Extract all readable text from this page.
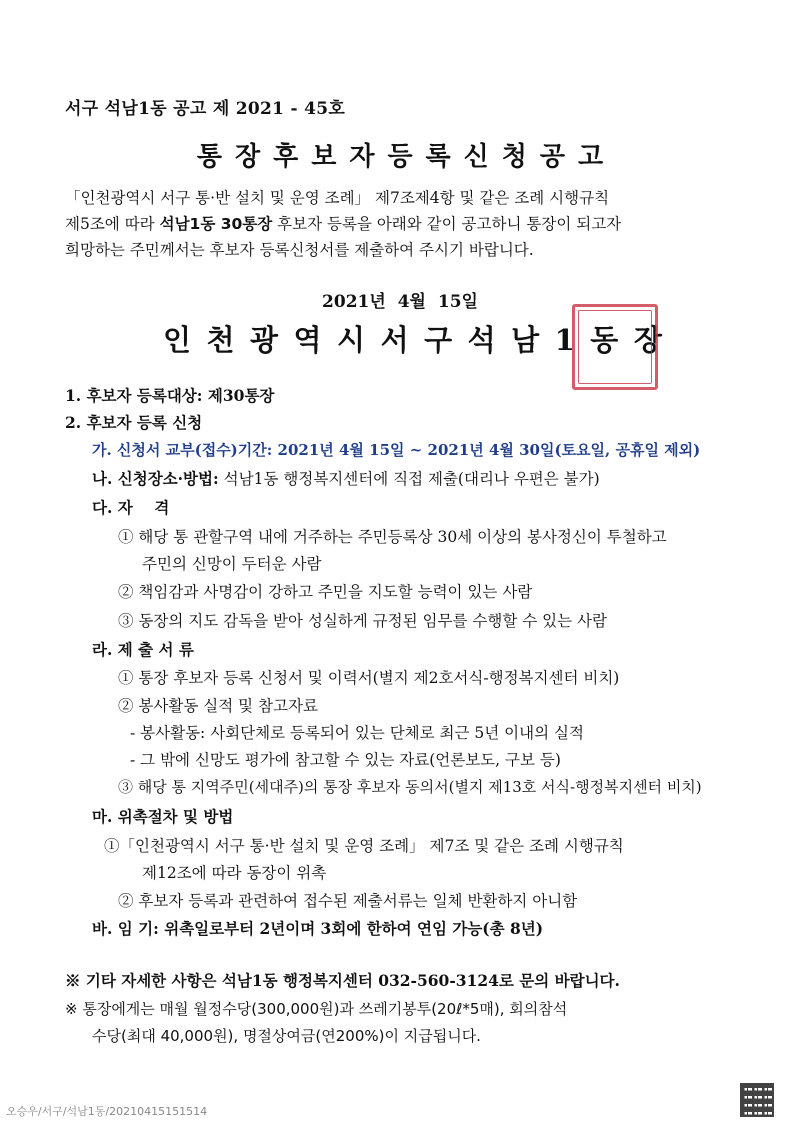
서구 석남1동 공고 제 2021 - 45호
통장후보자등록신청공고
「인천광역시 서구 통·반 설치 및 운영 조례」 제7조제4항 및 같은 조례 시행규칙
제5조에 따라 석남1동 30통장 후보자 등록을 아래와 같이 공고하니 통장이 되고자
희망하는 주민께서는 후보자 등록신청서를 제출하여 주시기 바랍니다.
2021년 4월 15일
인천광역시서구석남1동장
1. 후보자 등록대상: 제30통장
2. 후보자 등록 신청
가. 신청서 교부(접수)기간: 2021년 4월 15일 ~ 2021년 4월 30일(토요일, 공휴일 제외)
나. 신청장소·방법: 석남1동 행정복지센터에 직접 제출(대리나 우편은 불가)
다. 자    격
① 해당 통 관할구역 내에 거주하는 주민등록상 30세 이상의 봉사정신이 투철하고
주민의 신망이 두터운 사람
② 책임감과 사명감이 강하고 주민을 지도할 능력이 있는 사람
③ 동장의 지도 감독을 받아 성실하게 규정된 임무를 수행할 수 있는 사람
라. 제 출 서 류
① 통장 후보자 등록 신청서 및 이력서(별지 제2호서식-행정복지센터 비치)
② 봉사활동 실적 및 참고자료
- 봉사활동: 사회단체로 등록되어 있는 단체로 최근 5년 이내의 실적
- 그 밖에 신망도 평가에 참고할 수 있는 자료(언론보도, 구보 등)
③ 해당 통 지역주민(세대주)의 통장 후보자 동의서(별지 제13호 서식-행정복지센터 비치)
마. 위촉절차 및 방법
①「인천광역시 서구 통·반 설치 및 운영 조례」 제7조 및 같은 조례 시행규칙
제12조에 따라 동장이 위촉
② 후보자 등록과 관련하여 접수된 제출서류는 일체 반환하지 아니함
바. 임 기: 위촉일로부터 2년이며 3회에 한하여 연임 가능(총 8년)
※ 기타 자세한 사항은 석남1동 행정복지센터 032-560-3124로 문의 바랍니다.
※ 통장에게는 매월 월정수당(300,000원)과 쓰레기봉투(20ℓ*5매), 회의참석
수당(최대 40,000원), 명절상여금(연200%)이 지급됩니다.
오승우/서구/석남1동/20210415151514
